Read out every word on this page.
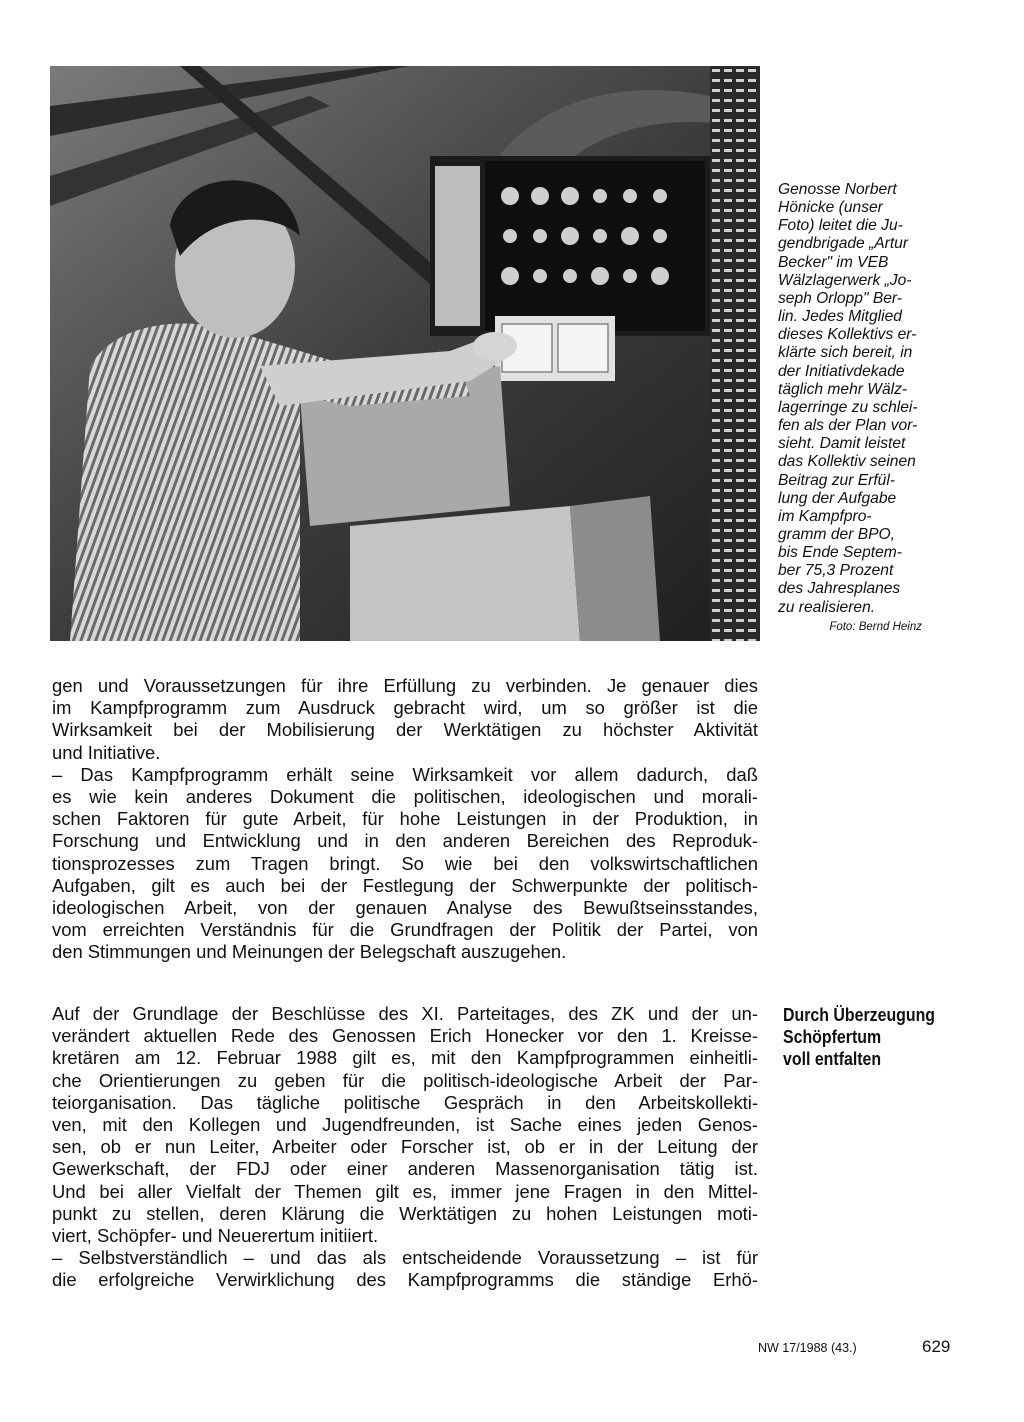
Genosse Norbert

Hönicke (unser

Foto) leitet die Ju-

gendbrigade „Artur

Becker" im VEB

Wälzlagerwerk „Jo-

seph Orlopp" Ber-

lin. Jedes Mitglied

dieses Kollektivs er-

klärte sich bereit, in

der Initiativdekade

täglich mehr Wälz-

lagerringe zu schlei-

fen als der Plan vor-

sieht. Damit leistet

das Kollektiv seinen

Beitrag zur Erfül-

lung der Aufgabe

im Kampfpro-

gramm der BPO,

bis Ende Septem-

ber 75,3 Prozent

des Jahresplanes

zu realisieren.

Foto: Bernd Heinz

gen und Voraussetzungen für ihre Erfüllung zu verbinden. Je genauer dies

im Kampfprogramm zum Ausdruck gebracht wird, um so größer ist die

Wirksamkeit bei der Mobilisierung der Werktätigen zu höchster Aktivität

und Initiative.

– Das Kampfprogramm erhält seine Wirksamkeit vor allem dadurch, daß

es wie kein anderes Dokument die politischen, ideologischen und morali-

schen Faktoren für gute Arbeit, für hohe Leistungen in der Produktion, in

Forschung und Entwicklung und in den anderen Bereichen des Reproduk-

tionsprozesses zum Tragen bringt. So wie bei den volkswirtschaftlichen

Aufgaben, gilt es auch bei der Festlegung der Schwerpunkte der politisch-

ideologischen Arbeit, von der genauen Analyse des Bewußtseinsstandes,

vom erreichten Verständnis für die Grundfragen der Politik der Partei, von

den Stimmungen und Meinungen der Belegschaft auszugehen.

Durch Überzeugung

Schöpfertum

voll entfalten

Auf der Grundlage der Beschlüsse des XI. Parteitages, des ZK und der un-

verändert aktuellen Rede des Genossen Erich Honecker vor den 1. Kreisse-

kretären am 12. Februar 1988 gilt es, mit den Kampfprogrammen einheitli-

che Orientierungen zu geben für die politisch-ideologische Arbeit der Par-

teiorganisation. Das tägliche politische Gespräch in den Arbeitskollekti-

ven, mit den Kollegen und Jugendfreunden, ist Sache eines jeden Genos-

sen, ob er nun Leiter, Arbeiter oder Forscher ist, ob er in der Leitung der

Gewerkschaft, der FDJ oder einer anderen Massenorganisation tätig ist.

Und bei aller Vielfalt der Themen gilt es, immer jene Fragen in den Mittel-

punkt zu stellen, deren Klärung die Werktätigen zu hohen Leistungen moti-

viert, Schöpfer- und Neuerertum initiiert.

– Selbstverständlich – und das als entscheidende Voraussetzung – ist für

die erfolgreiche Verwirklichung des Kampfprogramms die ständige Erhö-

NW 17/1988 (43.)	629
